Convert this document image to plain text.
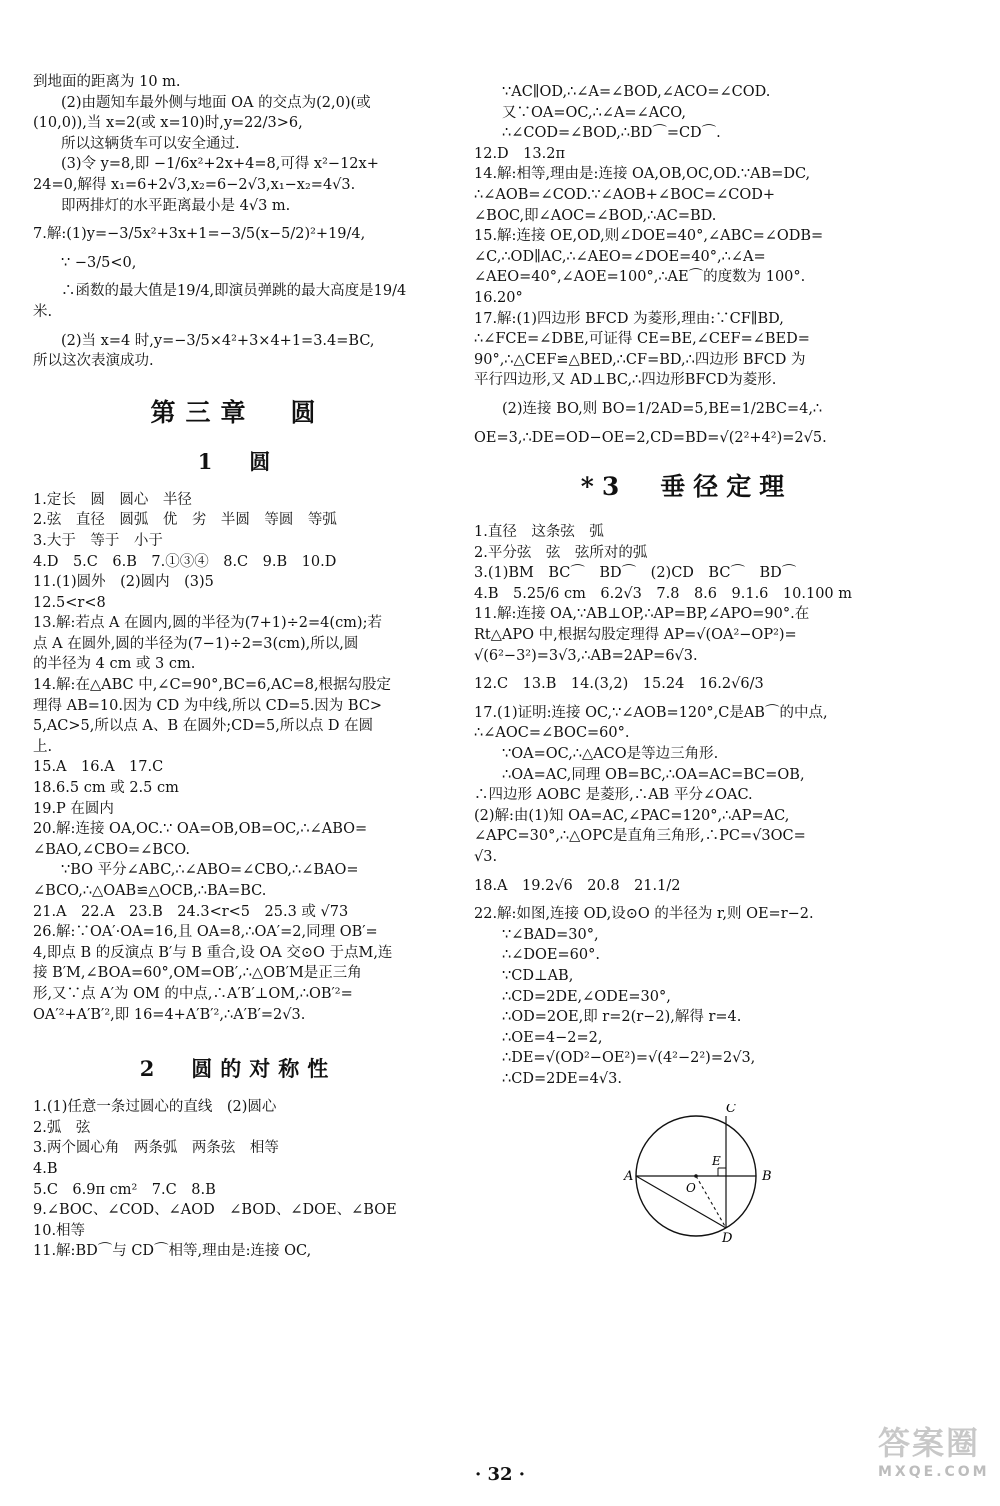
到地面的距离为 10 m.
(2)由题知车最外侧与地面 OA 的交点为(2,0)(或
(10,0)),当 x=2(或 x=10)时,y=22/3>6,
所以这辆货车可以安全通过.
(3)令 y=8,即 −1/6x²+2x+4=8,可得 x²−12x+
24=0,解得 x₁=6+2√3,x₂=6−2√3,x₁−x₂=4√3.
即两排灯的水平距离最小是 4√3 m.
7.解:(1)y=−3/5x²+3x+1=−3/5(x−5/2)²+19/4,
∵ −3/5<0,
∴函数的最大值是19/4,即演员弹跳的最大高度是19/4
米.
(2)当 x=4 时,y=−3/5×4²+3×4+1=3.4=BC,
所以这次表演成功.
第三章　圆
1　圆
1.定长　圆　圆心　半径
2.弦　直径　圆弧　优　劣　半圆　等圆　等弧
3.大于　等于　小于
4.D　5.C　6.B　7.①③④　8.C　9.B　10.D
11.(1)圆外　(2)圆内　(3)5
12.5<r<8
13.解:若点 A 在圆内,圆的半径为(7+1)÷2=4(cm);若
点 A 在圆外,圆的半径为(7−1)÷2=3(cm),所以,圆
的半径为 4 cm 或 3 cm.
14.解:在△ABC 中,∠C=90°,BC=6,AC=8,根据勾股定
理得 AB=10.因为 CD 为中线,所以 CD=5.因为 BC>
5,AC>5,所以点 A、B 在圆外;CD=5,所以点 D 在圆
上.
15.A　16.A　17.C
18.6.5 cm 或 2.5 cm
19.P 在圆内
20.解:连接 OA,OC.∵ OA=OB,OB=OC,∴∠ABO=
∠BAO,∠CBO=∠BCO.
∵BO 平分∠ABC,∴∠ABO=∠CBO,∴∠BAO=
∠BCO,∴△OAB≌△OCB,∴BA=BC.
21.A　22.A　23.B　24.3<r<5　25.3 或 √73
26.解:∵OA′·OA=16,且 OA=8,∴OA′=2,同理 OB′=
4,即点 B 的反演点 B′与 B 重合,设 OA 交⊙O 于点M,连
接 B′M,∠BOA=60°,OM=OB′,∴△OB′M是正三角
形,又∵点 A′为 OM 的中点,∴A′B′⊥OM,∴OB′²=
OA′²+A′B′²,即 16=4+A′B′²,∴A′B′=2√3.
2　圆的对称性
1.(1)任意一条过圆心的直线　(2)圆心
2.弧　弦
3.两个圆心角　两条弧　两条弦　相等
4.B
5.C　6.9π cm²　7.C　8.B
9.∠BOC、∠COD、∠AOD　∠BOD、∠DOE、∠BOE
10.相等
11.解:BD⌒与 CD⌒相等,理由是:连接 OC,
∵AC∥OD,∴∠A=∠BOD,∠ACO=∠COD.
又∵OA=OC,∴∠A=∠ACO,
∴∠COD=∠BOD,∴BD⌒=CD⌒.
12.D　13.2π
14.解:相等,理由是:连接 OA,OB,OC,OD.∵AB=DC,
∴∠AOB=∠COD.∵∠AOB+∠BOC=∠COD+
∠BOC,即∠AOC=∠BOD,∴AC=BD.
15.解:连接 OE,OD,则∠DOE=40°,∠ABC=∠ODB=
∠C,∴OD∥AC,∴∠AEO=∠DOE=40°,∴∠A=
∠AEO=40°,∠AOE=100°,∴AE⌒的度数为 100°.
16.20°
17.解:(1)四边形 BFCD 为菱形,理由:∵CF∥BD,
∴∠FCE=∠DBE,可证得 CE=BE,∠CEF=∠BED=
90°,∴△CEF≌△BED,∴CF=BD,∴四边形 BFCD 为
平行四边形,又 AD⊥BC,∴四边形BFCD为菱形.
(2)连接 BO,则 BO=1/2AD=5,BE=1/2BC=4,∴
OE=3,∴DE=OD−OE=2,CD=BD=√(2²+4²)=2√5.
*3　垂径定理
1.直径　这条弦　弧
2.平分弦　弦　弦所对的弧
3.(1)BM　BC⌒　BD⌒　(2)CD　BC⌒　BD⌒
4.B　5.25/6 cm　6.2√3　7.8　8.6　9.1.6　10.100 m
11.解:连接 OA,∵AB⊥OP,∴AP=BP,∠APO=90°.在
Rt△APO 中,根据勾股定理得 AP=√(OA²−OP²)=
√(6²−3²)=3√3,∴AB=2AP=6√3.
12.C　13.B　14.(3,2)　15.24　16.2√6/3
17.(1)证明:连接 OC,∵∠AOB=120°,C是AB⌒的中点,
∴∠AOC=∠BOC=60°.
∵OA=OC,∴△ACO是等边三角形.
∴OA=AC,同理 OB=BC,∴OA=AC=BC=OB,
∴四边形 AOBC 是菱形,∴AB 平分∠OAC.
(2)解:由(1)知 OA=AC,∠PAC=120°,∴AP=AC,
∠APC=30°,∴△OPC是直角三角形,∴PC=√3OC=
√3.
18.A　19.2√6　20.8　21.1/2
22.解:如图,连接 OD,设⊙O 的半径为 r,则 OE=r−2.
∵∠BAD=30°,
∴∠DOE=60°.
∵CD⊥AB,
∴CD=2DE,∠ODE=30°,
∴OD=2OE,即 r=2(r−2),解得 r=4.
∴OE=4−2=2,
∴DE=√(OD²−OE²)=√(4²−2²)=2√3,
∴CD=2DE=4√3.
C
B
A
D
E
O
· 32 ·
答案圈
MXQE.COM
